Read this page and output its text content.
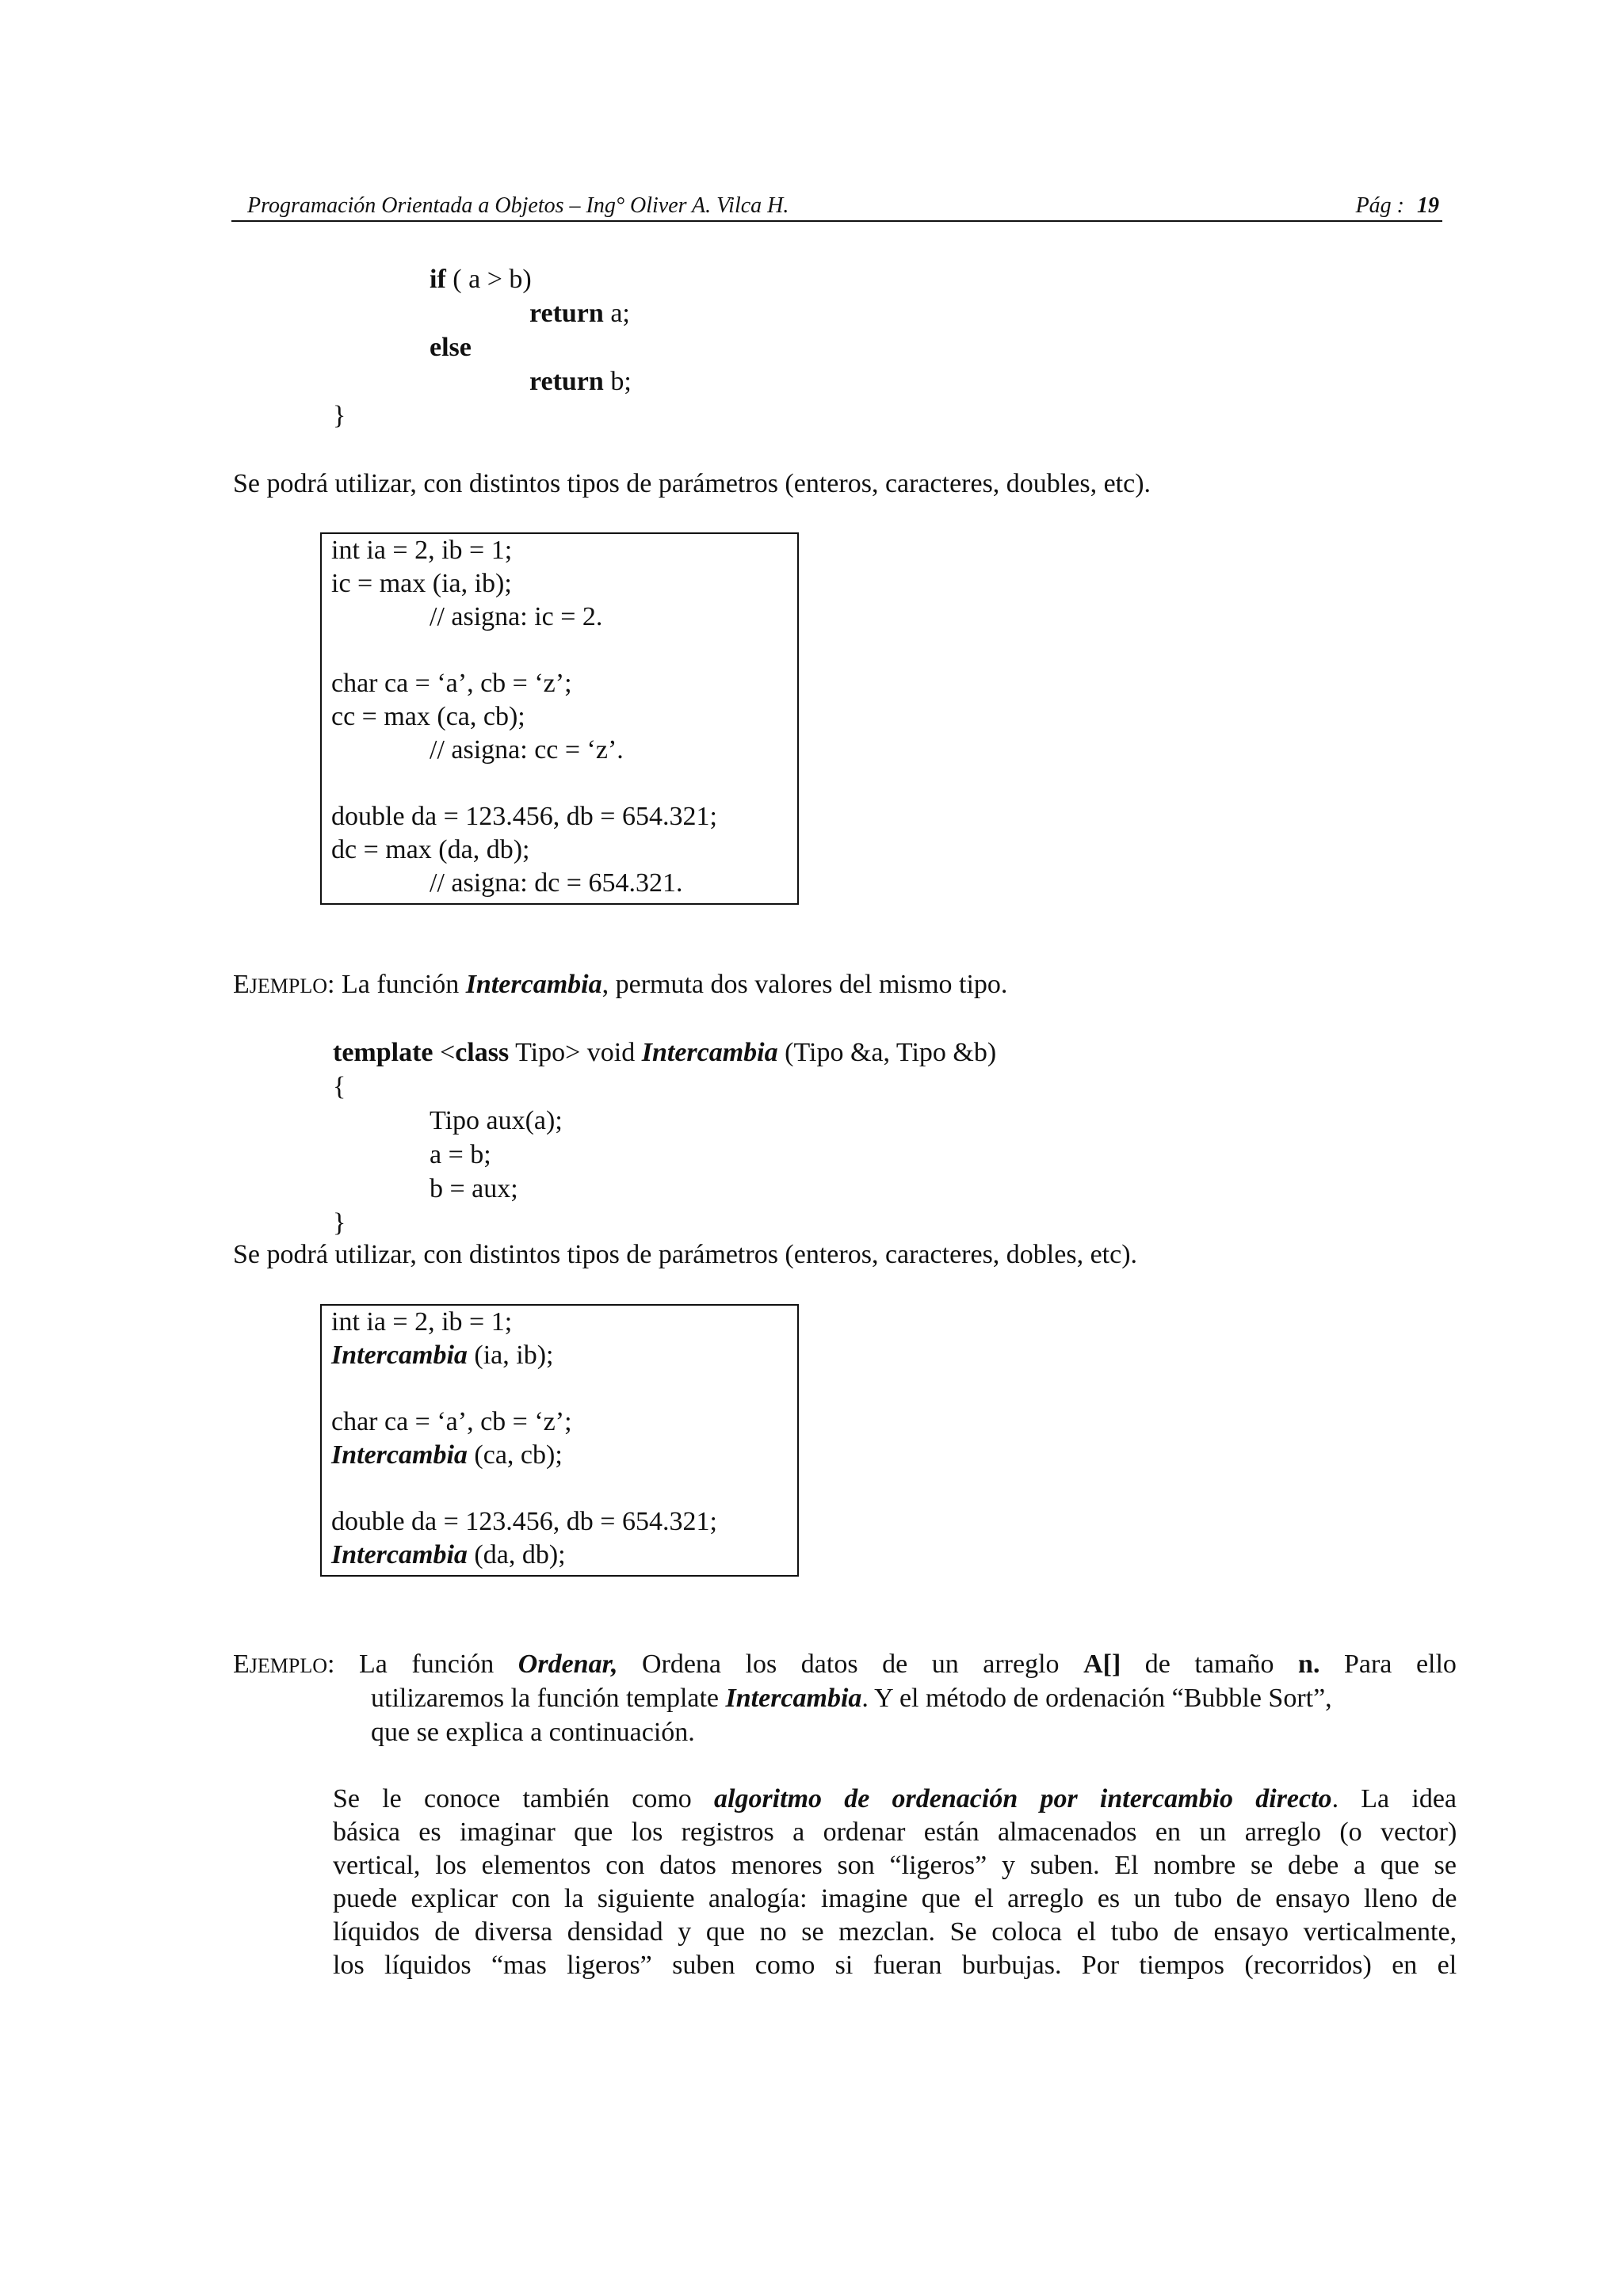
Programación Orientada a Objetos – Ing° Oliver A. Vilca H.	Pág : 19
if ( a > b)
return a;
else
return b;
}
Se podrá utilizar, con distintos tipos de parámetros (enteros, caracteres, doubles, etc).
int ia = 2, ib = 1;
ic = max (ia, ib);
// asigna: ic = 2.
char ca = ‘a’, cb = ‘z’;
cc = max (ca, cb);
// asigna: cc = ‘z’.
double da = 123.456, db = 654.321;
dc = max (da, db);
// asigna: dc = 654.321.
EJEMPLO: La función Intercambia, permuta dos valores del mismo tipo.
template <class Tipo> void Intercambia (Tipo &a, Tipo &b)
{
Tipo aux(a);
a = b;
b = aux;
}
Se podrá utilizar, con distintos tipos de parámetros (enteros, caracteres, dobles, etc).
int ia = 2, ib = 1;
Intercambia (ia, ib);
char ca = ‘a’, cb = ‘z’;
Intercambia (ca, cb);
double da = 123.456, db = 654.321;
Intercambia (da, db);
EJEMPLO: La función Ordenar, Ordena los datos de un arreglo A[] de tamaño n. Para ello
utilizaremos la función template Intercambia. Y el método de ordenación “Bubble Sort”,
que se explica a continuación.
Se le conoce también como algoritmo de ordenación por intercambio directo. La idea
básica es imaginar que los registros a ordenar están almacenados en un arreglo (o vector)
vertical, los elementos con datos menores son “ligeros” y suben. El nombre se debe a que se
puede explicar con la siguiente analogía: imagine que el arreglo es un tubo de ensayo lleno de
líquidos de diversa densidad y que no se mezclan. Se coloca el tubo de ensayo verticalmente,
los líquidos “mas ligeros” suben como si fueran burbujas. Por tiempos (recorridos) en el
